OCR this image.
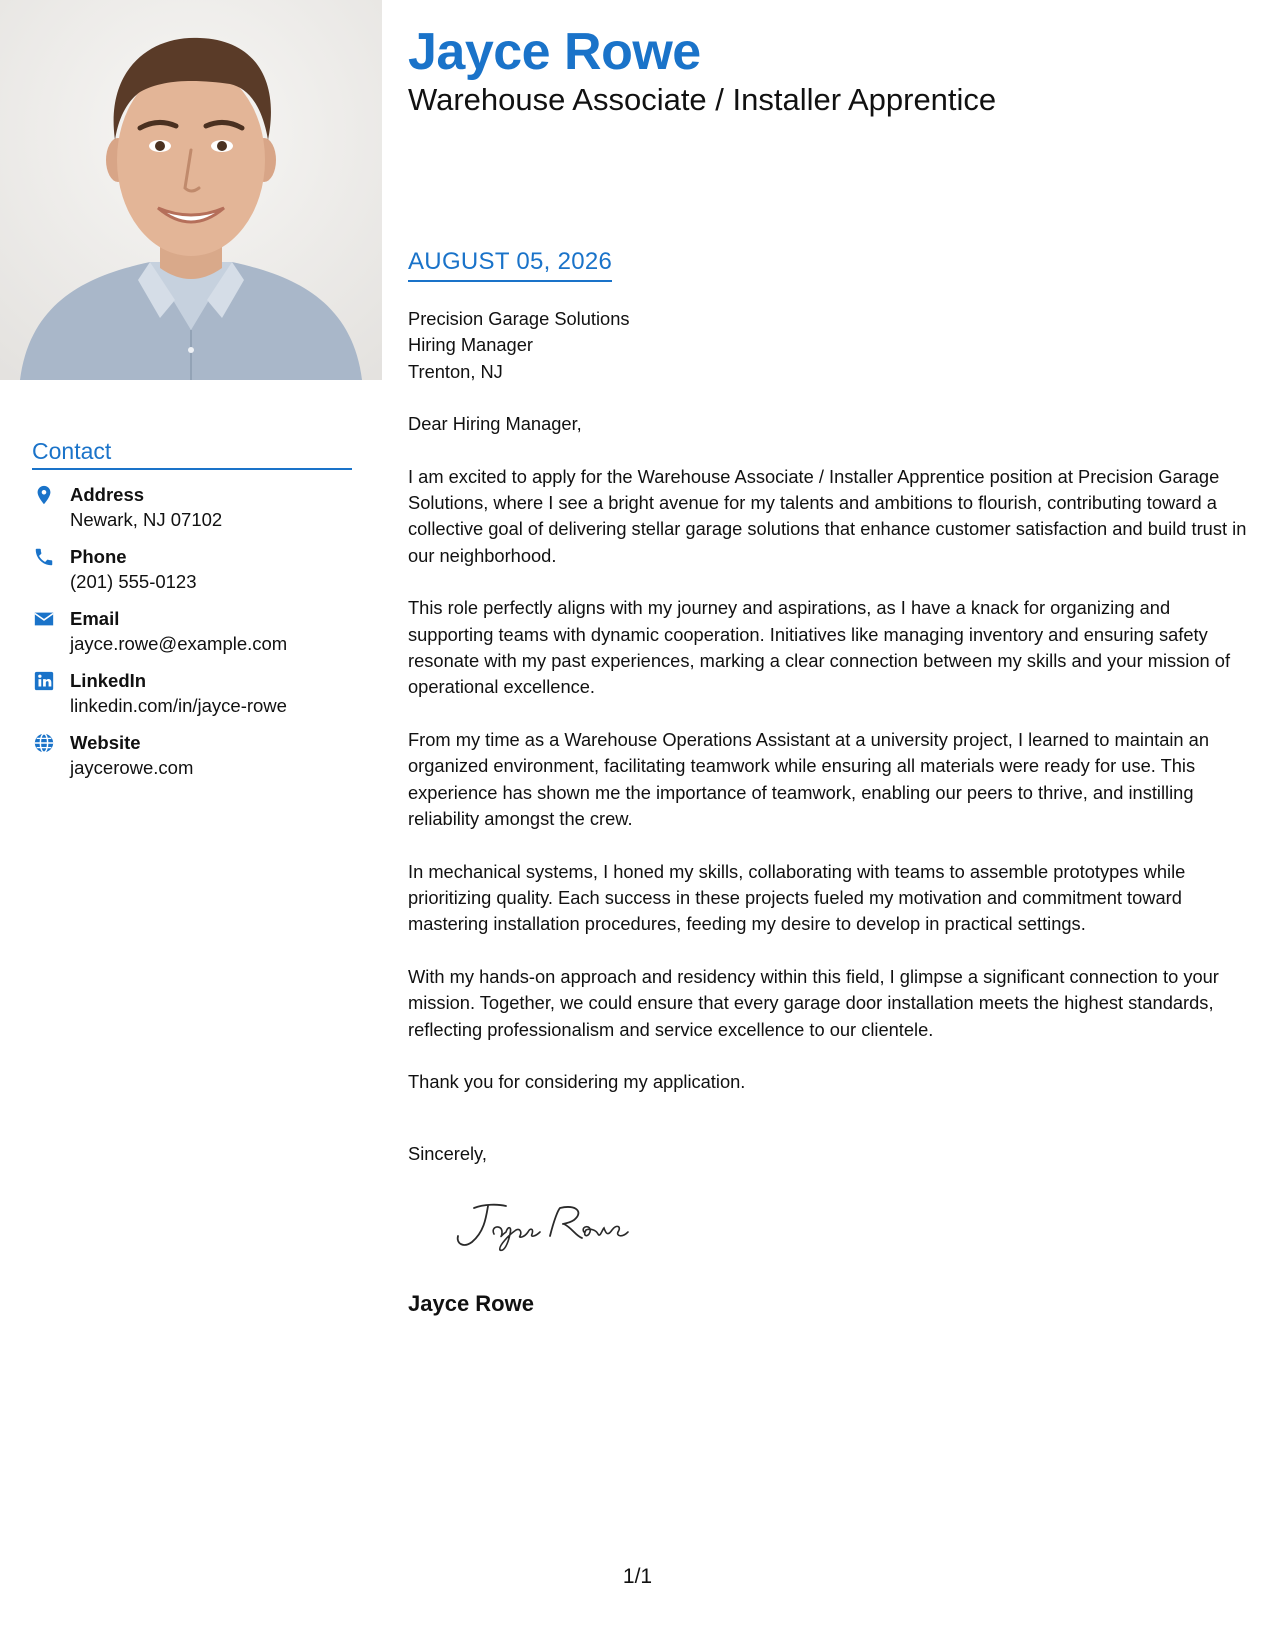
Contact
Address
Newark, NJ 07102
Phone
(201) 555-0123
Email
jayce.rowe@example.com
LinkedIn
linkedin.com/in/jayce-rowe
Website
jaycerowe.com
Jayce Rowe
Warehouse Associate / Installer Apprentice
AUGUST 05, 2026
Precision Garage Solutions
Hiring Manager
Trenton, NJ

Dear Hiring Manager,

I am excited to apply for the Warehouse Associate / Installer Apprentice position at Precision Garage Solutions, where I see a bright avenue for my talents and ambitions to flourish, contributing toward a collective goal of delivering stellar garage solutions that enhance customer satisfaction and build trust in our neighborhood.

This role perfectly aligns with my journey and aspirations, as I have a knack for organizing and supporting teams with dynamic cooperation. Initiatives like managing inventory and ensuring safety resonate with my past experiences, marking a clear connection between my skills and your mission of operational excellence.

From my time as a Warehouse Operations Assistant at a university project, I learned to maintain an organized environment, facilitating teamwork while ensuring all materials were ready for use. This experience has shown me the importance of teamwork, enabling our peers to thrive, and instilling reliability amongst the crew.

In mechanical systems, I honed my skills, collaborating with teams to assemble prototypes while prioritizing quality. Each success in these projects fueled my motivation and commitment toward mastering installation procedures, feeding my desire to develop in practical settings.

With my hands-on approach and residency within this field, I glimpse a significant connection to your mission. Together, we could ensure that every garage door installation meets the highest standards, reflecting professionalism and service excellence to our clientele.

Thank you for considering my application.

Sincerely,
Jayce Rowe
1/1
